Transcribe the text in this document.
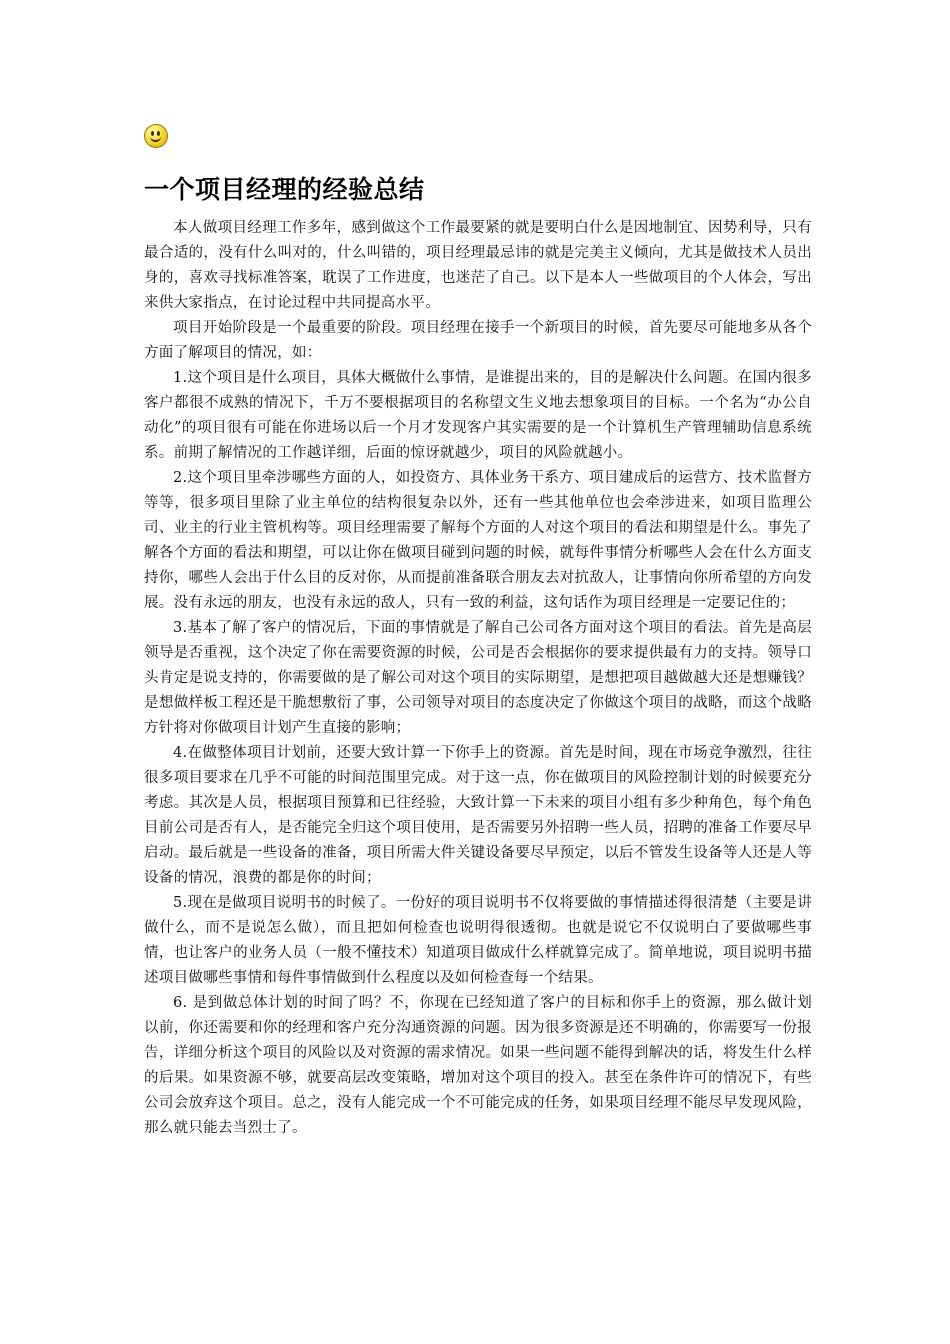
一个项目经理的经验总结

本人做项目经理工作多年，感到做这个工作最要紧的就是要明白什么是因地制宜、因势利导，只有最合适的，没有什么叫对的，什么叫错的，项目经理最忌讳的就是完美主义倾向，尤其是做技术人员出身的，喜欢寻找标准答案，耽误了工作进度，也迷茫了自己。以下是本人一些做项目的个人体会，写出来供大家指点，在讨论过程中共同提高水平。

项目开始阶段是一个最重要的阶段。项目经理在接手一个新项目的时候，首先要尽可能地多从各个方面了解项目的情况，如：

1.这个项目是什么项目，具体大概做什么事情，是谁提出来的，目的是解决什么问题。在国内很多客户都很不成熟的情况下，千万不要根据项目的名称望文生义地去想象项目的目标。一个名为“办公自动化”的项目很有可能在你进场以后一个月才发现客户其实需要的是一个计算机生产管理辅助信息系统系。前期了解情况的工作越详细，后面的惊讶就越少，项目的风险就越小。

2.这个项目里牵涉哪些方面的人，如投资方、具体业务干系方、项目建成后的运营方、技术监督方等等，很多项目里除了业主单位的结构很复杂以外，还有一些其他单位也会牵涉进来，如项目监理公司、业主的行业主管机构等。项目经理需要了解每个方面的人对这个项目的看法和期望是什么。事先了解各个方面的看法和期望，可以让你在做项目碰到问题的时候，就每件事情分析哪些人会在什么方面支持你，哪些人会出于什么目的反对你，从而提前准备联合朋友去对抗敌人，让事情向你所希望的方向发展。没有永远的朋友，也没有永远的敌人，只有一致的利益，这句话作为项目经理是一定要记住的；

3.基本了解了客户的情况后，下面的事情就是了解自己公司各方面对这个项目的看法。首先是高层领导是否重视，这个决定了你在需要资源的时候，公司是否会根据你的要求提供最有力的支持。领导口头肯定是说支持的，你需要做的是了解公司对这个项目的实际期望，是想把项目越做越大还是想赚钱？是想做样板工程还是干脆想敷衍了事，公司领导对项目的态度决定了你做这个项目的战略，而这个战略方针将对你做项目计划产生直接的影响；

4.在做整体项目计划前，还要大致计算一下你手上的资源。首先是时间，现在市场竞争激烈，往往很多项目要求在几乎不可能的时间范围里完成。对于这一点，你在做项目的风险控制计划的时候要充分考虑。其次是人员，根据项目预算和已往经验，大致计算一下未来的项目小组有多少种角色，每个角色目前公司是否有人，是否能完全归这个项目使用，是否需要另外招聘一些人员，招聘的准备工作要尽早启动。最后就是一些设备的准备，项目所需大件关键设备要尽早预定，以后不管发生设备等人还是人等设备的情况，浪费的都是你的时间；

5.现在是做项目说明书的时候了。一份好的项目说明书不仅将要做的事情描述得很清楚（主要是讲做什么，而不是说怎么做），而且把如何检查也说明得很透彻。也就是说它不仅说明白了要做哪些事情，也让客户的业务人员（一般不懂技术）知道项目做成什么样就算完成了。简单地说，项目说明书描述项目做哪些事情和每件事情做到什么程度以及如何检查每一个结果。

6. 是到做总体计划的时间了吗？不，你现在已经知道了客户的目标和你手上的资源，那么做计划以前，你还需要和你的经理和客户充分沟通资源的问题。因为很多资源是还不明确的，你需要写一份报告，详细分析这个项目的风险以及对资源的需求情况。如果一些问题不能得到解决的话，将发生什么样的后果。如果资源不够，就要高层改变策略，增加对这个项目的投入。甚至在条件许可的情况下，有些公司会放弃这个项目。总之，没有人能完成一个不可能完成的任务，如果项目经理不能尽早发现风险，那么就只能去当烈士了。
